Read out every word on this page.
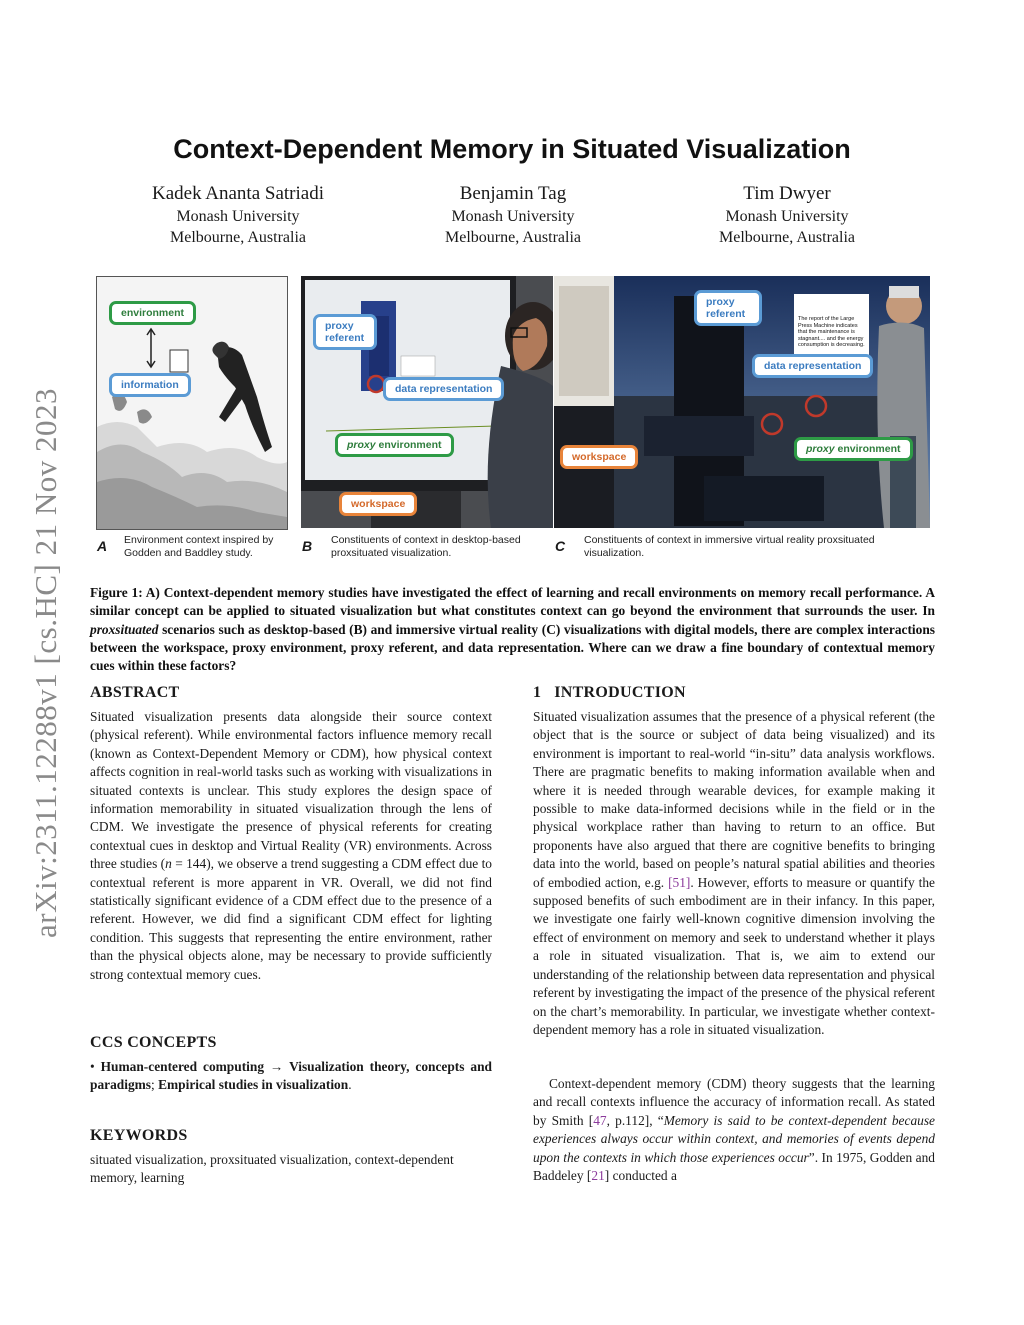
arXiv:2311.12288v1 [cs.HC] 21 Nov 2023
Context-Dependent Memory in Situated Visualization
Kadek Ananta Satriadi
Monash University
Melbourne, Australia
Benjamin Tag
Monash University
Melbourne, Australia
Tim Dwyer
Monash University
Melbourne, Australia
environment
information
proxy referent
data representation
proxy environment
workspace
The report of the Large Press Machine indicates that the maintenance is stagnant.... and the energy consumption is decreasing.
proxy referent
data representation
proxy environment
workspace
A Environment context inspired by Godden and Baddley study.	B Constituents of context in desktop-based proxsituated visualization.	C Constituents of context in immersive virtual reality proxsituated visualization.
Figure 1: A) Context-dependent memory studies have investigated the effect of learning and recall environments on memory recall performance. A similar concept can be applied to situated visualization but what constitutes context can go beyond the environment that surrounds the user. In proxsituated scenarios such as desktop-based (B) and immersive virtual reality (C) visualizations with digital models, there are complex interactions between the workspace, proxy environment, proxy referent, and data representation. Where can we draw a fine boundary of contextual memory cues within these factors?
ABSTRACT
Situated visualization presents data alongside their source context (physical referent). While environmental factors influence memory recall (known as Context-Dependent Memory or CDM), how physical context affects cognition in real-world tasks such as working with visualizations in situated contexts is unclear. This study explores the design space of information memorability in situated visualization through the lens of CDM. We investigate the presence of physical referents for creating contextual cues in desktop and Virtual Reality (VR) environments. Across three studies (n = 144), we observe a trend suggesting a CDM effect due to contextual referent is more apparent in VR. Overall, we did not find statistically significant evidence of a CDM effect due to the presence of a referent. However, we did find a significant CDM effect for lighting condition. This suggests that representing the entire environment, rather than the physical objects alone, may be necessary to provide sufficiently strong contextual memory cues.
CCS CONCEPTS
• Human-centered computing → Visualization theory, concepts and paradigms; Empirical studies in visualization.
KEYWORDS
situated visualization, proxsituated visualization, context-dependent memory, learning
1   INTRODUCTION
Situated visualization assumes that the presence of a physical referent (the object that is the source or subject of data being visualized) and its environment is important to real-world “in-situ” data analysis workflows. There are pragmatic benefits to making information available when and where it is needed through wearable devices, for example making it possible to make data-informed decisions while in the field or in the physical workplace rather than having to return to an office. But proponents have also argued that there are cognitive benefits to bringing data into the world, based on people’s natural spatial abilities and theories of embodied action, e.g. [51]. However, efforts to measure or quantify the supposed benefits of such embodiment are in their infancy. In this paper, we investigate one fairly well-known cognitive dimension involving the effect of environment on memory and seek to understand whether it plays a role in situated visualization. That is, we aim to extend our understanding of the relationship between data representation and physical referent by investigating the impact of the presence of the physical referent on the chart’s memorability. In particular, we investigate whether context-dependent memory has a role in situated visualization.
Context-dependent memory (CDM) theory suggests that the learning and recall contexts influence the accuracy of information recall. As stated by Smith [47, p.112], “Memory is said to be context-dependent because experiences always occur within context, and memories of events depend upon the contexts in which those experiences occur”. In 1975, Godden and Baddeley [21] conducted a
